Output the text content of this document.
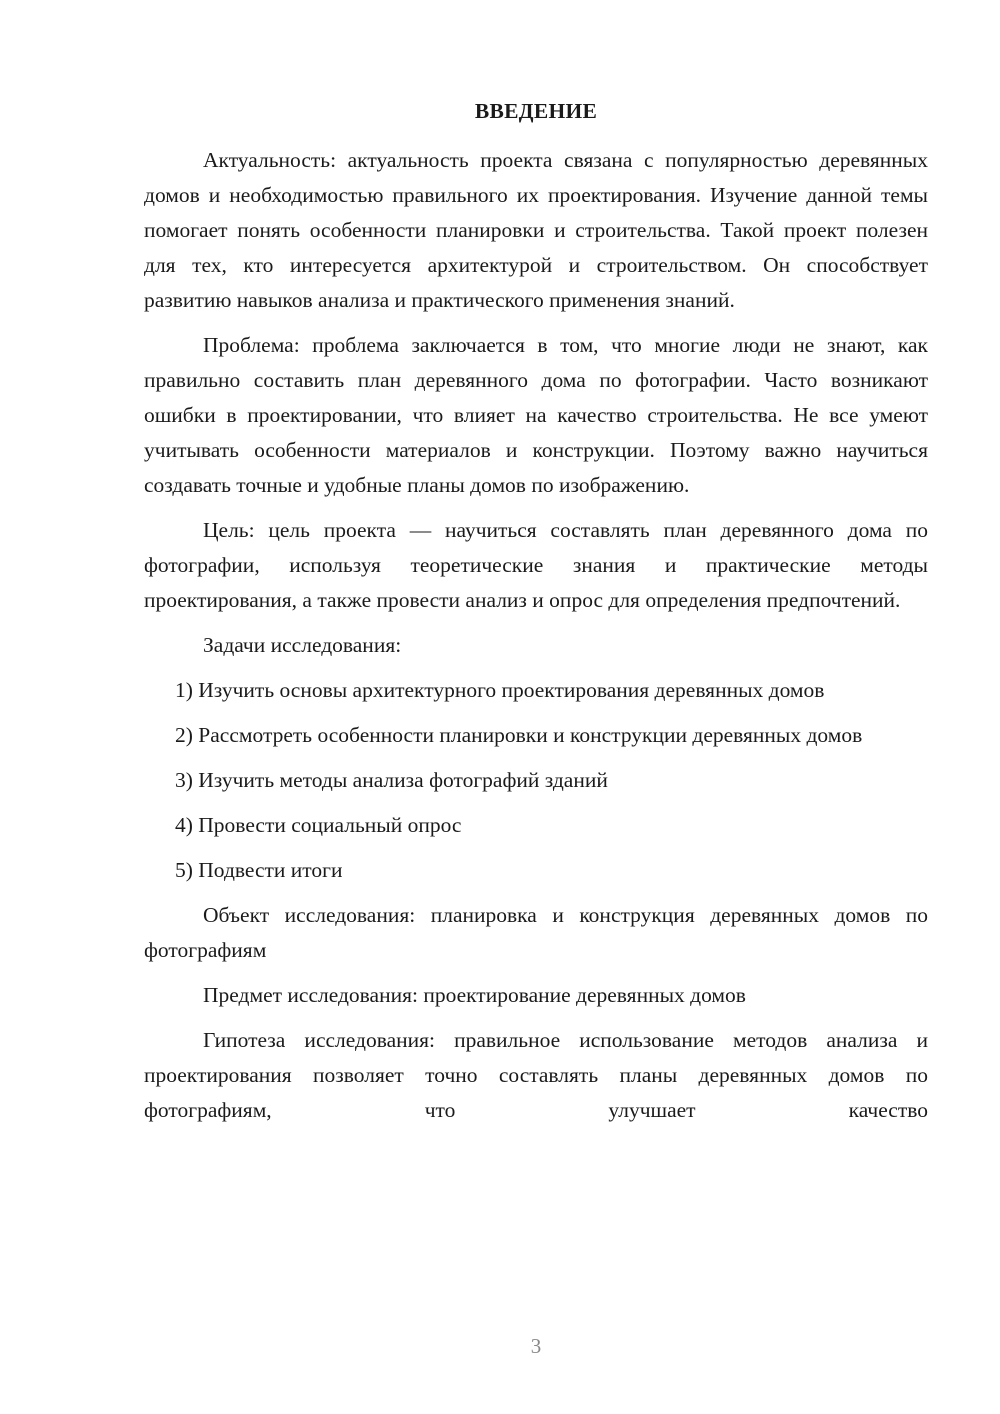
ВВЕДЕНИЕ

Актуальность: актуальность проекта связана с популярностью деревянных домов и необходимостью правильного их проектирования. Изучение данной темы помогает понять особенности планировки и строительства. Такой проект полезен для тех, кто интересуется архитектурой и строительством. Он способствует развитию навыков анализа и практического применения знаний.

Проблема: проблема заключается в том, что многие люди не знают, как правильно составить план деревянного дома по фотографии. Часто возникают ошибки в проектировании, что влияет на качество строительства. Не все умеют учитывать особенности материалов и конструкции. Поэтому важно научиться создавать точные и удобные планы домов по изображению.

Цель: цель проекта — научиться составлять план деревянного дома по фотографии, используя теоретические знания и практические методы проектирования, а также провести анализ и опрос для определения предпочтений.

Задачи исследования:

1) Изучить основы архитектурного проектирования деревянных домов

2) Рассмотреть особенности планировки и конструкции деревянных домов

3) Изучить методы анализа фотографий зданий

4) Провести социальный опрос

5) Подвести итоги

Объект исследования: планировка и конструкция деревянных домов по фотографиям

Предмет исследования: проектирование деревянных домов

Гипотеза исследования: правильное использование методов анализа и проектирования позволяет точно составлять планы деревянных домов по фотографиям, что улучшает качество

3
